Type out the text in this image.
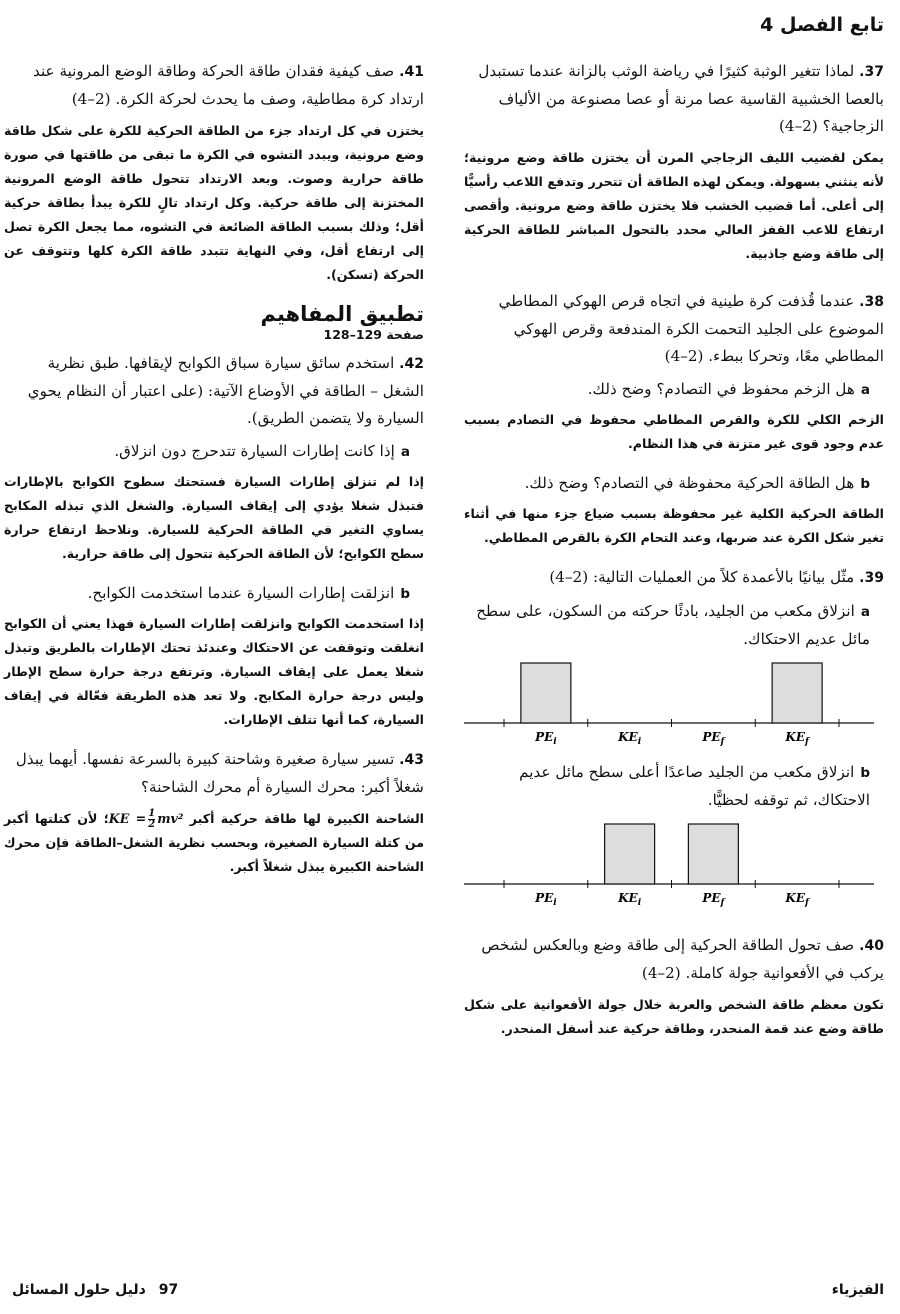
تابع الفصل 4

37 . لماذا تتغير الوثبة كثيرًا في رياضة الوثب بالزانة عندما تستبدل بالعصا الخشبية القاسية عصا مرنة أو عصا مصنوعة من الألياف الزجاجية؟ (2–4)

يمكن لقضيب الليف الزجاجي المرن أن يختزن طاقة وضع مرونية؛لأنه ينثني بسهولة. ويمكن لهذه الطاقة أن تتحرر وتدفع اللاعب رأسيًّا إلى أعلى. أما قضيب الخشب فلا يختزن طاقة وضع مرونية. وأقصى ارتفاع للاعب القفز العالي محدد بالتحول المباشر للطاقة الحركية إلى طاقة وضع جاذبية.

38 . عندما قُذفت كرة طينية في اتجاه قرص الهوكي المطاطي الموضوع على الجليد التحمت الكرة المندفعة وقرص الهوكي المطاطي معًا، وتحركا ببطء. (2–4)

aهل الزخم محفوظ في التصادم؟ وضح ذلك.

الزخم الكلي للكرة والقرص المطاطي محفوظ في التصادم بسبب عدم وجود قوى غير متزنة في هذا النظام.

bهل الطاقة الحركية محفوظة في التصادم؟ وضح ذلك.

الطاقة الحركية الكلية غير محفوظة بسبب ضياع جزء منها في أثناء تغير شكل الكرة عند ضربها، وعند التحام الكرة بالقرص المطاطي.

39 . مثّل بيانيًا بالأعمدة كلاً من العمليات التالية: (2–4)

aانزلاق مكعب من الجليد، بادئًا حركته من السكون، على سطح مائل عديم الاحتكاك.

$PE_i$	$KE_i$	$PE_f$	$KE_f$

bانزلاق مكعب من الجليد صاعدًا أعلى سطح مائل عديم الاحتكاك، ثم توقفه لحظيًّا.

$PE_i$	$KE_i$	$PE_f$	$KE_f$

40 . صف تحول الطاقة الحركية إلى طاقة وضع وبالعكس لشخص يركب في الأفعوانية جولة كاملة. (2–4)

تكون معظم طاقة الشخص والعربة خلال جولة الأفعوانية على شكل طاقة وضع عند قمة المنحدر، وطاقة حركية عند أسفل المنحدر.

41 . صف كيفية فقدان طاقة الحركة وطاقة الوضع المرونية عند ارتداد كرة مطاطية، وصف ما يحدث لحركة الكرة. (2–4)

يختزن في كل ارتداد جزء من الطاقة الحركية للكرة على شكل طاقة وضع مرونية، ويبدد التشوه في الكرة ما تبقى من طاقتها في صورة طاقة حرارية وصوت. وبعد الارتداد تتحول طاقة الوضع المرونية المختزنة إلى طاقة حركية. وكل ارتداد تالٍ للكرة يبدأ بطاقة حركية أقل؛ وذلك بسبب الطاقة الضائعة في التشوه، مما يجعل الكرة تصل إلى ارتفاع أقل، وفي النهاية تتبدد طاقة الكرة كلها وتتوقف عن الحركة (تسكن).

تطبيق المفاهيم
صفحة 129–128

42 . استخدم سائق سيارة سباق الكوابح لإيقافها. طبق نظرية الشغل – الطاقة في الأوضاع الآتية: (على اعتبار أن النظام يحوي السيارة ولا يتضمن الطريق).

aإذا كانت إطارات السيارة تتدحرج دون انزلاق.

إذا لم تنزلق إطارات السيارة فستحتك سطوح الكوابح بالإطارات فتبذل شغلا يؤدي إلى إيقاف السيارة. والشغل الذي تبذله المكابح يساوي التغير في الطاقة الحركية للسيارة. ونلاحظ ارتفاع حرارة سطح الكوابح؛ لأن الطاقة الحركية تتحول إلى طاقة حرارية.

bانزلقت إطارات السيارة عندما استخدمت الكوابح.

إذا استخدمت الكوابح وانزلقت إطارات السيارة فهذا يعني أن الكوابح انغلقت وتوقفت عن الاحتكاك وعندئذ تحتك الإطارات بالطريق وتبذل شغلا يعمل على إيقاف السيارة. وترتفع درجة حرارة سطح الإطار وليس درجة حرارة المكابح. ولا تعد هذه الطريقة فعّالة في إيقاف السيارة، كما أنها تتلف الإطارات.

43 . تسير سيارة صغيرة وشاحنة كبيرة بالسرعة نفسها. أيهما يبذل شغلاً أكبر: محرك السيارة أم محرك الشاحنة؟

الشاحنة الكبيرة لها طاقة حركية أكبر KE = $\frac{1}{2}$ mv²؛ لأن كتلتها أكبر من كتلة السيارة الصغيرة، وبحسب نظرية الشغل–الطاقة فإن محرك الشاحنة الكبيرة يبذل شغلاً أكبر.

97 دليل حلول المسائل	الفيزياء
